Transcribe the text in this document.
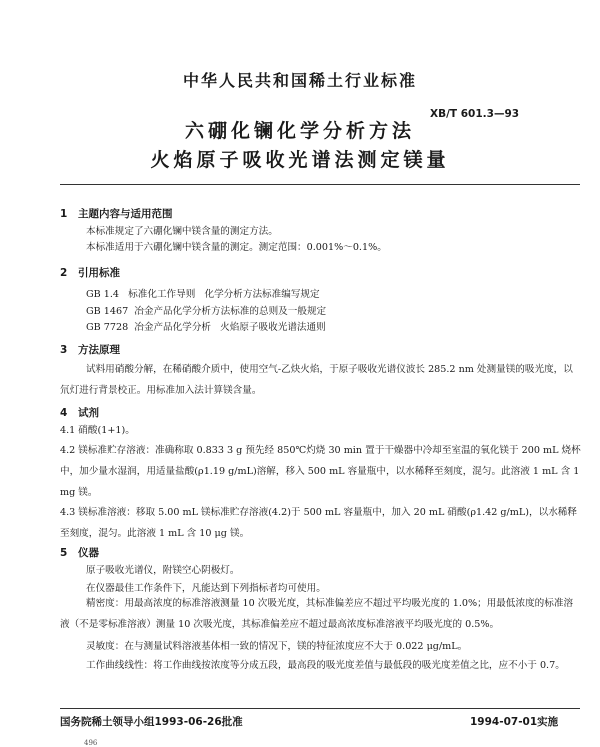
中华人民共和国稀土行业标准
六硼化镧化学分析方法
火焰原子吸收光谱法测定镁量
XB/T 601.3—93
1 主题内容与适用范围
本标准规定了六硼化镧中镁含量的测定方法。
本标准适用于六硼化镧中镁含量的测定。测定范围：0.001%～0.1%。
2 引用标准
GB 1.4   标准化工作导则   化学分析方法标准编写规定
GB 1467  冶金产品化学分析方法标准的总则及一般规定
GB 7728  冶金产品化学分析   火焰原子吸收光谱法通则
3 方法原理
试料用硝酸分解，在稀硝酸介质中，使用空气-乙炔火焰，于原子吸收光谱仪波长 285.2 nm 处测量镁的吸光度，以氘灯进行背景校正。用标准加入法计算镁含量。
4 试剂
4.1 硝酸(1+1)。
4.2 镁标准贮存溶液：准确称取 0.833 3 g 预先经 850℃灼烧 30 min 置于干燥器中冷却至室温的氧化镁于 200 mL 烧杯中，加少量水湿润，用适量盐酸(ρ1.19 g/mL)溶解，移入 500 mL 容量瓶中，以水稀释至刻度，混匀。此溶液 1 mL 含 1 mg 镁。
4.3 镁标准溶液：移取 5.00 mL 镁标准贮存溶液(4.2)于 500 mL 容量瓶中，加入 20 mL 硝酸(ρ1.42 g/mL)，以水稀释至刻度，混匀。此溶液 1 mL 含 10 μg 镁。
5 仪器
原子吸收光谱仪，附镁空心阴极灯。
在仪器最佳工作条件下，凡能达到下列指标者均可使用。
精密度：用最高浓度的标准溶液测量 10 次吸光度，其标准偏差应不超过平均吸光度的 1.0%；用最低浓度的标准溶液（不是零标准溶液）测量 10 次吸光度，其标准偏差应不超过最高浓度标准溶液平均吸光度的 0.5%。
灵敏度：在与测量试料溶液基体相一致的情况下，镁的特征浓度应不大于 0.022 μg/mL。
工作曲线线性：将工作曲线按浓度等分成五段，最高段的吸光度差值与最低段的吸光度差值之比，应不小于 0.7。
国务院稀土领导小组1993-06-26批准	1994-07-01实施
496
